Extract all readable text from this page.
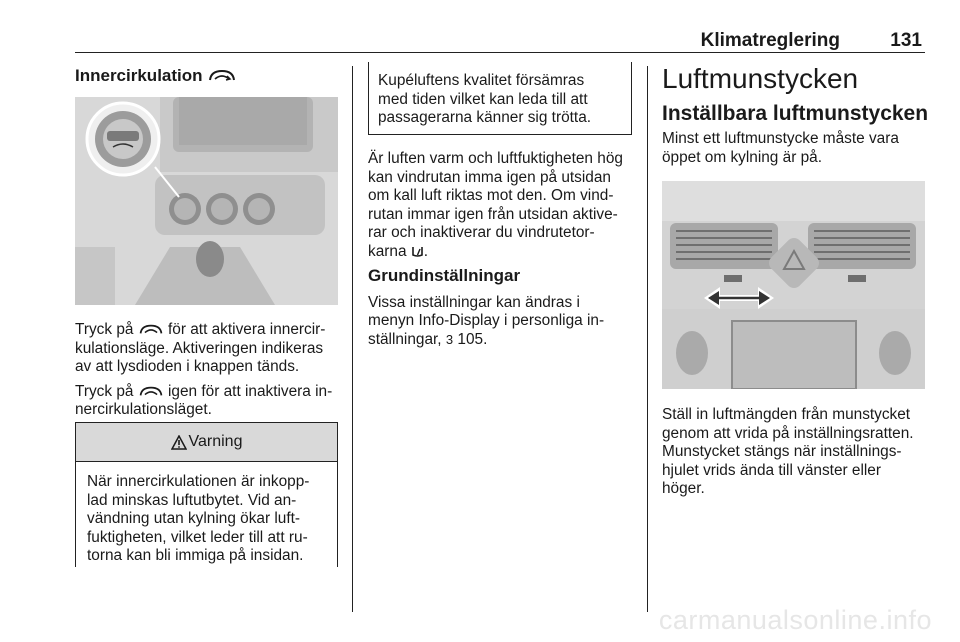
Klimatreglering	131
Innercirkulation

Tryck på för att aktivera innercir-
kulationsläge. Aktiveringen indikeras
av att lysdioden i knappen tänds.

Tryck på igen för att inaktivera in-
nercirkulationsläget.

Varning
När innercirkulationen är inkopp-
lad minskas luftutbytet. Vid an-
vändning utan kylning ökar luft-
fuktigheten, vilket leder till att ru-
torna kan bli immiga på insidan.
Kupéluftens kvalitet försämras
med tiden vilket kan leda till att
passagerarna känner sig trötta.
Är luften varm och luftfuktigheten hög
kan vindrutan imma igen på utsidan
om kall luft riktas mot den. Om vind-
rutan immar igen från utsidan aktive-
rar och inaktiverar du vindrutetor-
karna .
Grundinställningar
Vissa inställningar kan ändras i
menyn Info-Display i personliga in-
ställningar, 3 105.
Luftmunstycken
Inställbara luftmunstycken
Minst ett luftmunstycke måste vara
öppet om kylning är på.
Ställ in luftmängden från munstycket
genom att vrida på inställningsratten.
Munstycket stängs när inställnings-
hjulet vrids ända till vänster eller
höger.
carmanualsonline.info
